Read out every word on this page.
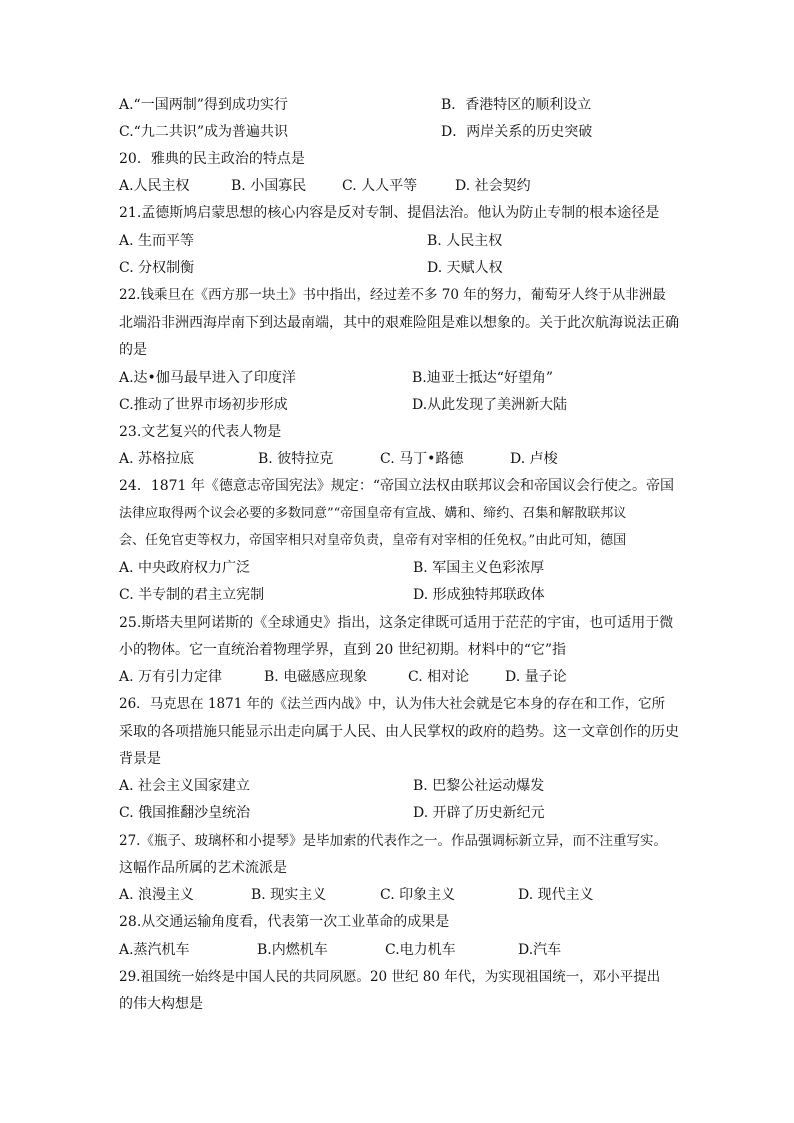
A.“一国两制”得到成功实行	B．香港特区的顺利设立
C.“九二共识”成为普遍共识	D．两岸关系的历史突破
20．雅典的民主政治的特点是
A.人民主权	B. 小国寡民	C. 人人平等	D. 社会契约
21.孟德斯鸠启蒙思想的核心内容是反对专制、提倡法治。他认为防止专制的根本途径是
A. 生而平等	B. 人民主权
C. 分权制衡	D. 天赋人权
22.钱乘旦在《西方那一块土》书中指出，经过差不多 70 年的努力，葡萄牙人终于从非洲最
北端沿非洲西海岸南下到达最南端，其中的艰难险阻是难以想象的。关于此次航海说法正确
的是
A.达•伽马最早进入了印度洋	B.迪亚士抵达“好望角”
C.推动了世界市场初步形成	D.从此发现了美洲新大陆
23.文艺复兴的代表人物是
A. 苏格拉底	B. 彼特拉克	C. 马丁•路德	D. 卢梭
24．1871 年《德意志帝国宪法》规定：“帝国立法权由联邦议会和帝国议会行使之。帝国
法律应取得两个议会必要的多数同意”“帝国皇帝有宣战、媾和、缔约、召集和解散联邦议
会、任免官吏等权力，帝国宰相只对皇帝负责，皇帝有对宰相的任免权。”由此可知，德国
A. 中央政府权力广泛	B. 军国主义色彩浓厚
C. 半专制的君主立宪制	D. 形成独特邦联政体
25.斯塔夫里阿诺斯的《全球通史》指出，这条定律既可适用于茫茫的宇宙，也可适用于微
小的物体。它一直统治着物理学界，直到 20 世纪初期。材料中的“它”指
A. 万有引力定律	B. 电磁感应现象	C. 相对论	D. 量子论
26．马克思在 1871 年的《法兰西内战》中，认为伟大社会就是它本身的存在和工作，它所
采取的各项措施只能显示出走向属于人民、由人民掌权的政府的趋势。这一文章创作的历史
背景是
A. 社会主义国家建立	B. 巴黎公社运动爆发
C. 俄国推翻沙皇统治	D. 开辟了历史新纪元
27.《瓶子、玻璃杯和小提琴》是毕加索的代表作之一。作品强调标新立异，而不注重写实。
这幅作品所属的艺术流派是
A. 浪漫主义	B. 现实主义	C. 印象主义	D. 现代主义
28.从交通运输角度看，代表第一次工业革命的成果是
A.蒸汽机车	B.内燃机车	C.电力机车	D.汽车
29.祖国统一始终是中国人民的共同夙愿。20 世纪 80 年代，为实现祖国统一，邓小平提出
的伟大构想是
